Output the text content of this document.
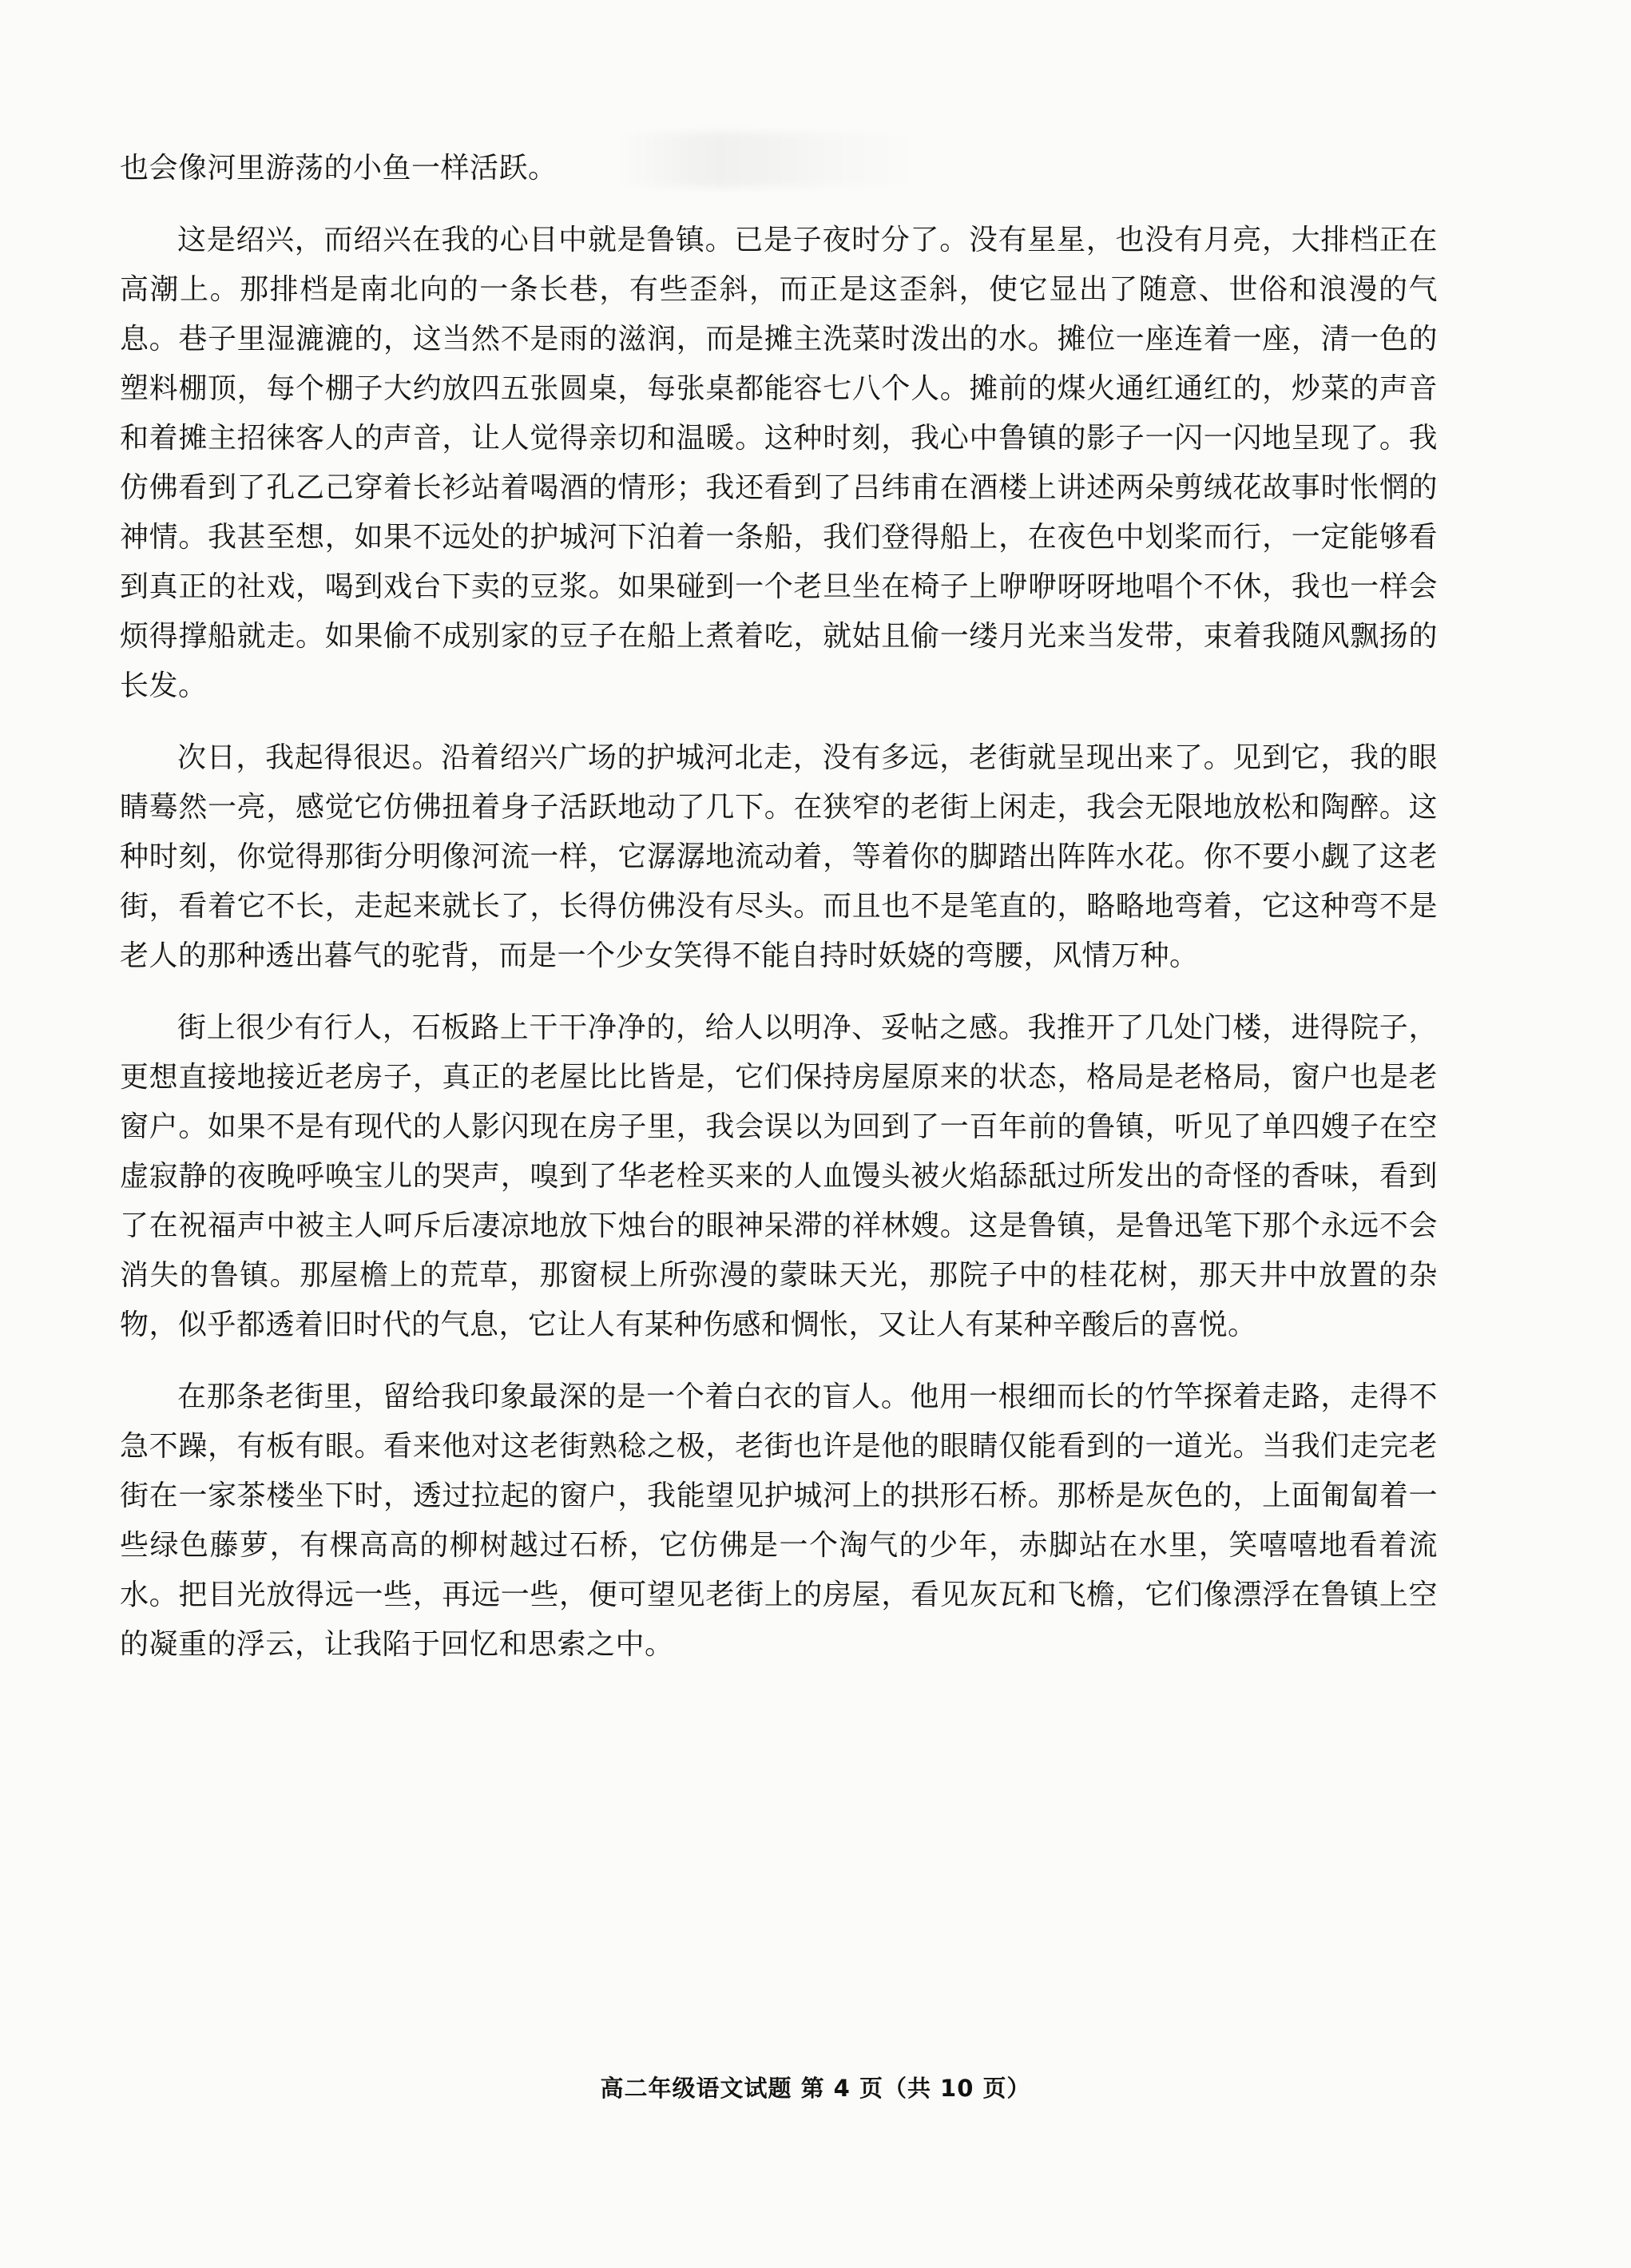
也会像河里游荡的小鱼一样活跃。

这是绍兴，而绍兴在我的心目中就是鲁镇。已是子夜时分了。没有星星，也没有月亮，大排档正在高潮上。那排档是南北向的一条长巷，有些歪斜，而正是这歪斜，使它显出了随意、世俗和浪漫的气息。巷子里湿漉漉的，这当然不是雨的滋润，而是摊主洗菜时泼出的水。摊位一座连着一座，清一色的塑料棚顶，每个棚子大约放四五张圆桌，每张桌都能容七八个人。摊前的煤火通红通红的，炒菜的声音和着摊主招徕客人的声音，让人觉得亲切和温暖。这种时刻，我心中鲁镇的影子一闪一闪地呈现了。我仿佛看到了孔乙己穿着长衫站着喝酒的情形；我还看到了吕纬甫在酒楼上讲述两朵剪绒花故事时怅惘的神情。我甚至想，如果不远处的护城河下泊着一条船，我们登得船上，在夜色中划桨而行，一定能够看到真正的社戏，喝到戏台下卖的豆浆。如果碰到一个老旦坐在椅子上咿咿呀呀地唱个不休，我也一样会烦得撑船就走。如果偷不成别家的豆子在船上煮着吃，就姑且偷一缕月光来当发带，束着我随风飘扬的长发。

次日，我起得很迟。沿着绍兴广场的护城河北走，没有多远，老街就呈现出来了。见到它，我的眼睛蓦然一亮，感觉它仿佛扭着身子活跃地动了几下。在狭窄的老街上闲走，我会无限地放松和陶醉。这种时刻，你觉得那街分明像河流一样，它潺潺地流动着，等着你的脚踏出阵阵水花。你不要小觑了这老街，看着它不长，走起来就长了，长得仿佛没有尽头。而且也不是笔直的，略略地弯着，它这种弯不是老人的那种透出暮气的驼背，而是一个少女笑得不能自持时妖娆的弯腰，风情万种。

街上很少有行人，石板路上干干净净的，给人以明净、妥帖之感。我推开了几处门楼，进得院子，更想直接地接近老房子，真正的老屋比比皆是，它们保持房屋原来的状态，格局是老格局，窗户也是老窗户。如果不是有现代的人影闪现在房子里，我会误以为回到了一百年前的鲁镇，听见了单四嫂子在空虚寂静的夜晚呼唤宝儿的哭声，嗅到了华老栓买来的人血馒头被火焰舔舐过所发出的奇怪的香味，看到了在祝福声中被主人呵斥后凄凉地放下烛台的眼神呆滞的祥林嫂。这是鲁镇，是鲁迅笔下那个永远不会消失的鲁镇。那屋檐上的荒草，那窗棂上所弥漫的蒙昧天光，那院子中的桂花树，那天井中放置的杂物，似乎都透着旧时代的气息，它让人有某种伤感和惆怅，又让人有某种辛酸后的喜悦。

在那条老街里，留给我印象最深的是一个着白衣的盲人。他用一根细而长的竹竿探着走路，走得不急不躁，有板有眼。看来他对这老街熟稔之极，老街也许是他的眼睛仅能看到的一道光。当我们走完老街在一家茶楼坐下时，透过拉起的窗户，我能望见护城河上的拱形石桥。那桥是灰色的，上面匍匐着一些绿色藤萝，有棵高高的柳树越过石桥，它仿佛是一个淘气的少年，赤脚站在水里，笑嘻嘻地看着流水。把目光放得远一些，再远一些，便可望见老街上的房屋，看见灰瓦和飞檐，它们像漂浮在鲁镇上空的凝重的浮云，让我陷于回忆和思索之中。

高二年级语文试题 第 4 页（共 10 页）
